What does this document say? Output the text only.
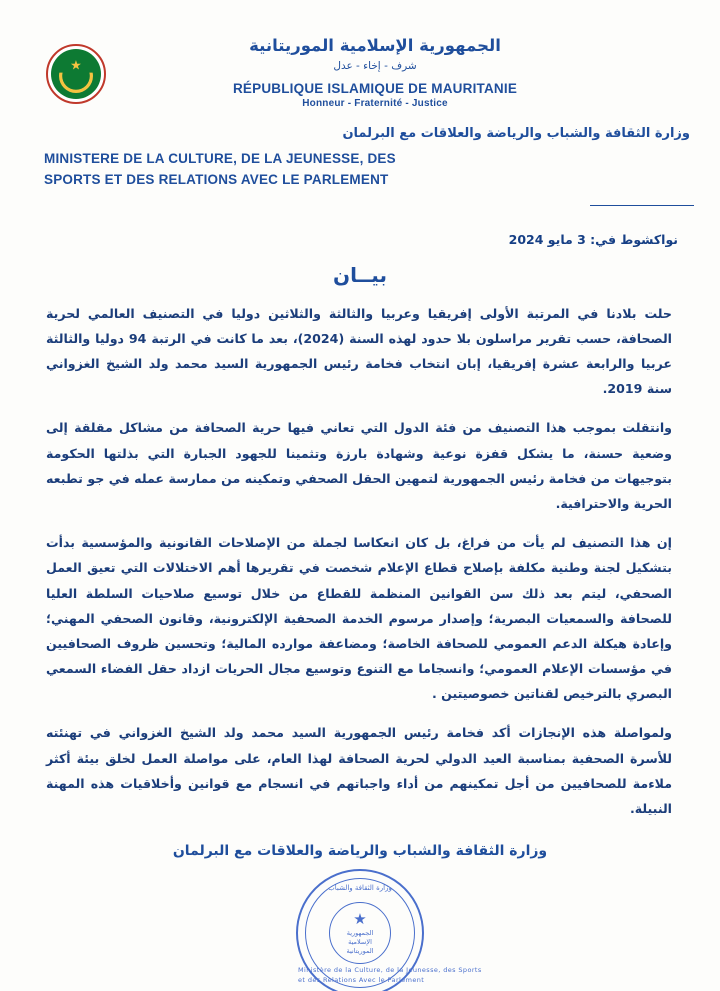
★
الجمهورية الإسلامية الموريتانية
شرف - إخاء - عدل
RÉPUBLIQUE ISLAMIQUE DE MAURITANIE
Honneur - Fraternité - Justice
وزارة الثقافة والشباب والرياضة والعلاقات مع البرلمان
MINISTERE DE LA CULTURE, DE LA JEUNESSE, DES
SPORTS ET DES RELATIONS AVEC LE PARLEMENT
نواكشوط في: 3 مايو 2024
بيــان

حلت بلادنا في المرتبة الأولى إفريقيا وعربيا والثالثة والثلاثين دوليا في التصنيف العالمي لحرية الصحافة، حسب تقرير مراسلون بلا حدود لهذه السنة (2024)، بعد ما كانت في الرتبة 94 دوليا والثالثة عربيا والرابعة عشرة إفريقيا، إبان انتخاب فخامة رئيس الجمهورية السيد محمد ولد الشيخ الغزواني سنة 2019.

وانتقلت بموجب هذا التصنيف من فئة الدول التي تعاني فيها حرية الصحافة من مشاكل مقلقة إلى وضعية حسنة، ما يشكل قفزة نوعية وشهادة بارزة وتثمينا للجهود الجبارة التي بذلتها الحكومة بتوجيهات من فخامة رئيس الجمهورية لتمهين الحقل الصحفي وتمكينه من ممارسة عمله في جو تطبعه الحرية والاحترافية.

إن هذا التصنيف لم يأت من فراغ، بل كان انعكاسا لجملة من الإصلاحات القانونية والمؤسسية بدأت بتشكيل لجنة وطنية مكلفة بإصلاح قطاع الإعلام شخصت في تقريرها أهم الاختلالات التي تعيق العمل الصحفي، ليتم بعد ذلك سن القوانين المنظمة للقطاع من خلال توسيع صلاحيات السلطة العليا للصحافة والسمعيات البصرية؛ وإصدار مرسوم الخدمة الصحفية الإلكترونية، وقانون الصحفي المهني؛ وإعادة هيكلة الدعم العمومي للصحافة الخاصة؛ ومضاعفة موارده المالية؛ وتحسين ظروف الصحافيين في مؤسسات الإعلام العمومي؛ وانسجاما مع التنوع وتوسيع مجال الحريات ازداد حقل الفضاء السمعي البصري بالترخيص لقناتين خصوصيتين .

ولمواصلة هذه الإنجازات أكد فخامة رئيس الجمهورية السيد محمد ولد الشيخ الغزواني في تهنئته للأسرة الصحفية بمناسبة العيد الدولي لحرية الصحافة لهذا العام، على مواصلة العمل لخلق بيئة أكثر ملاءمة للصحافيين من أجل تمكينهم من أداء واجباتهم في انسجام مع قوانين وأخلاقيات هذه المهنة النبيلة.

وزارة الثقافة والشباب والرياضة والعلاقات مع البرلمان
وزارة الثقافة والشباب
★
الجمهورية الإسلامية الموريتانية
Ministère de la Culture, de la Jeunesse, des Sports
et des Relations Avec le Parlement
